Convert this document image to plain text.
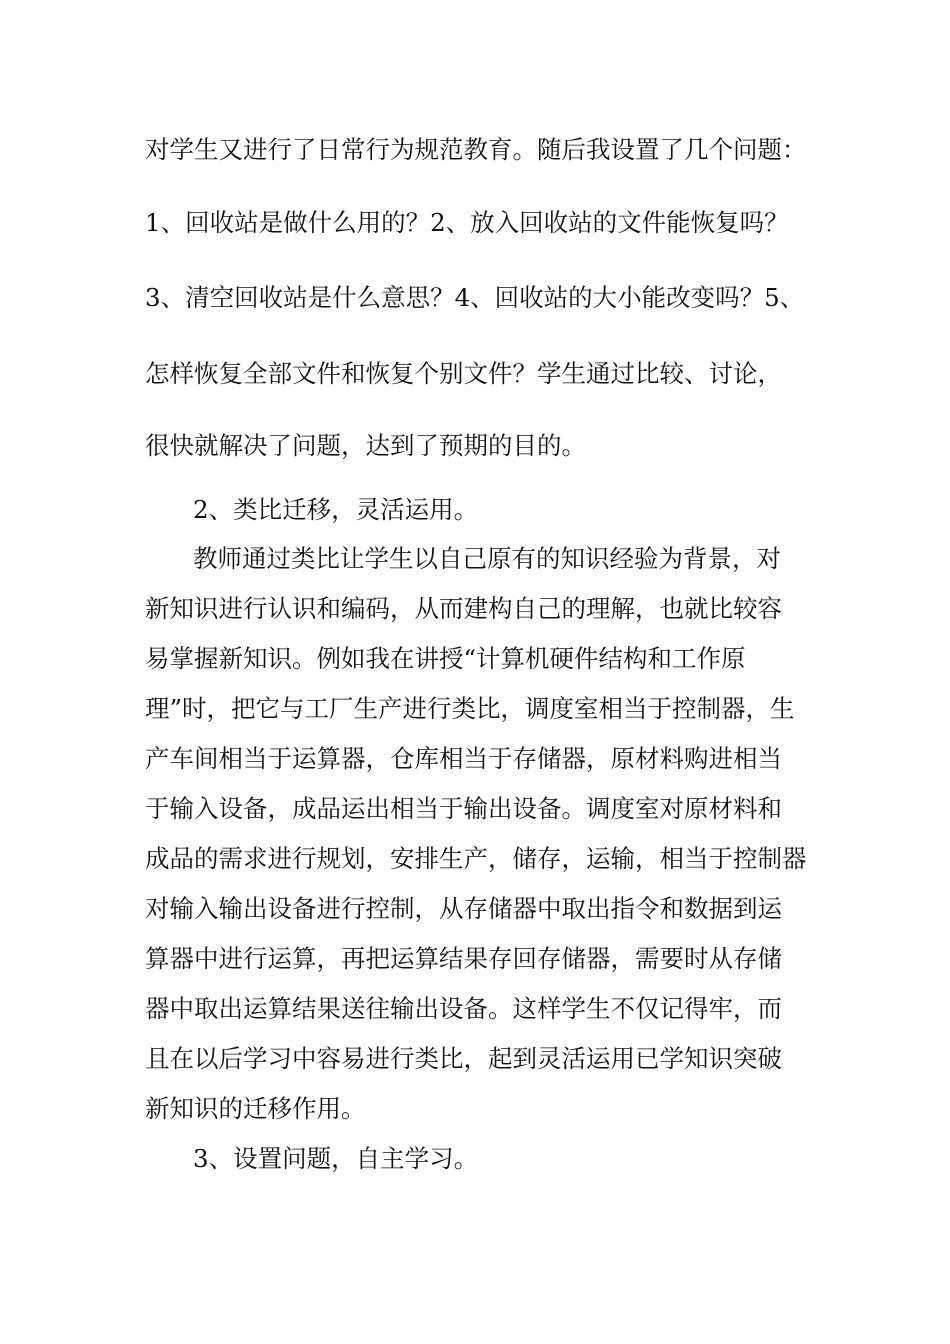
对学生又进行了日常行为规范教育。随后我设置了几个问题：

1、回收站是做什么用的？2、放入回收站的文件能恢复吗？

3、清空回收站是什么意思？4、回收站的大小能改变吗？5、

怎样恢复全部文件和恢复个别文件？学生通过比较、讨论，

很快就解决了问题，达到了预期的目的。

2、类比迁移，灵活运用。

教师通过类比让学生以自己原有的知识经验为背景，对

新知识进行认识和编码，从而建构自己的理解，也就比较容

易掌握新知识。例如我在讲授“计算机硬件结构和工作原

理”时，把它与工厂生产进行类比，调度室相当于控制器，生

产车间相当于运算器，仓库相当于存储器，原材料购进相当

于输入设备，成品运出相当于输出设备。调度室对原材料和

成品的需求进行规划，安排生产，储存，运输，相当于控制器

对输入输出设备进行控制，从存储器中取出指令和数据到运

算器中进行运算，再把运算结果存回存储器，需要时从存储

器中取出运算结果送往输出设备。这样学生不仅记得牢，而

且在以后学习中容易进行类比，起到灵活运用已学知识突破

新知识的迁移作用。

3、设置问题，自主学习。
